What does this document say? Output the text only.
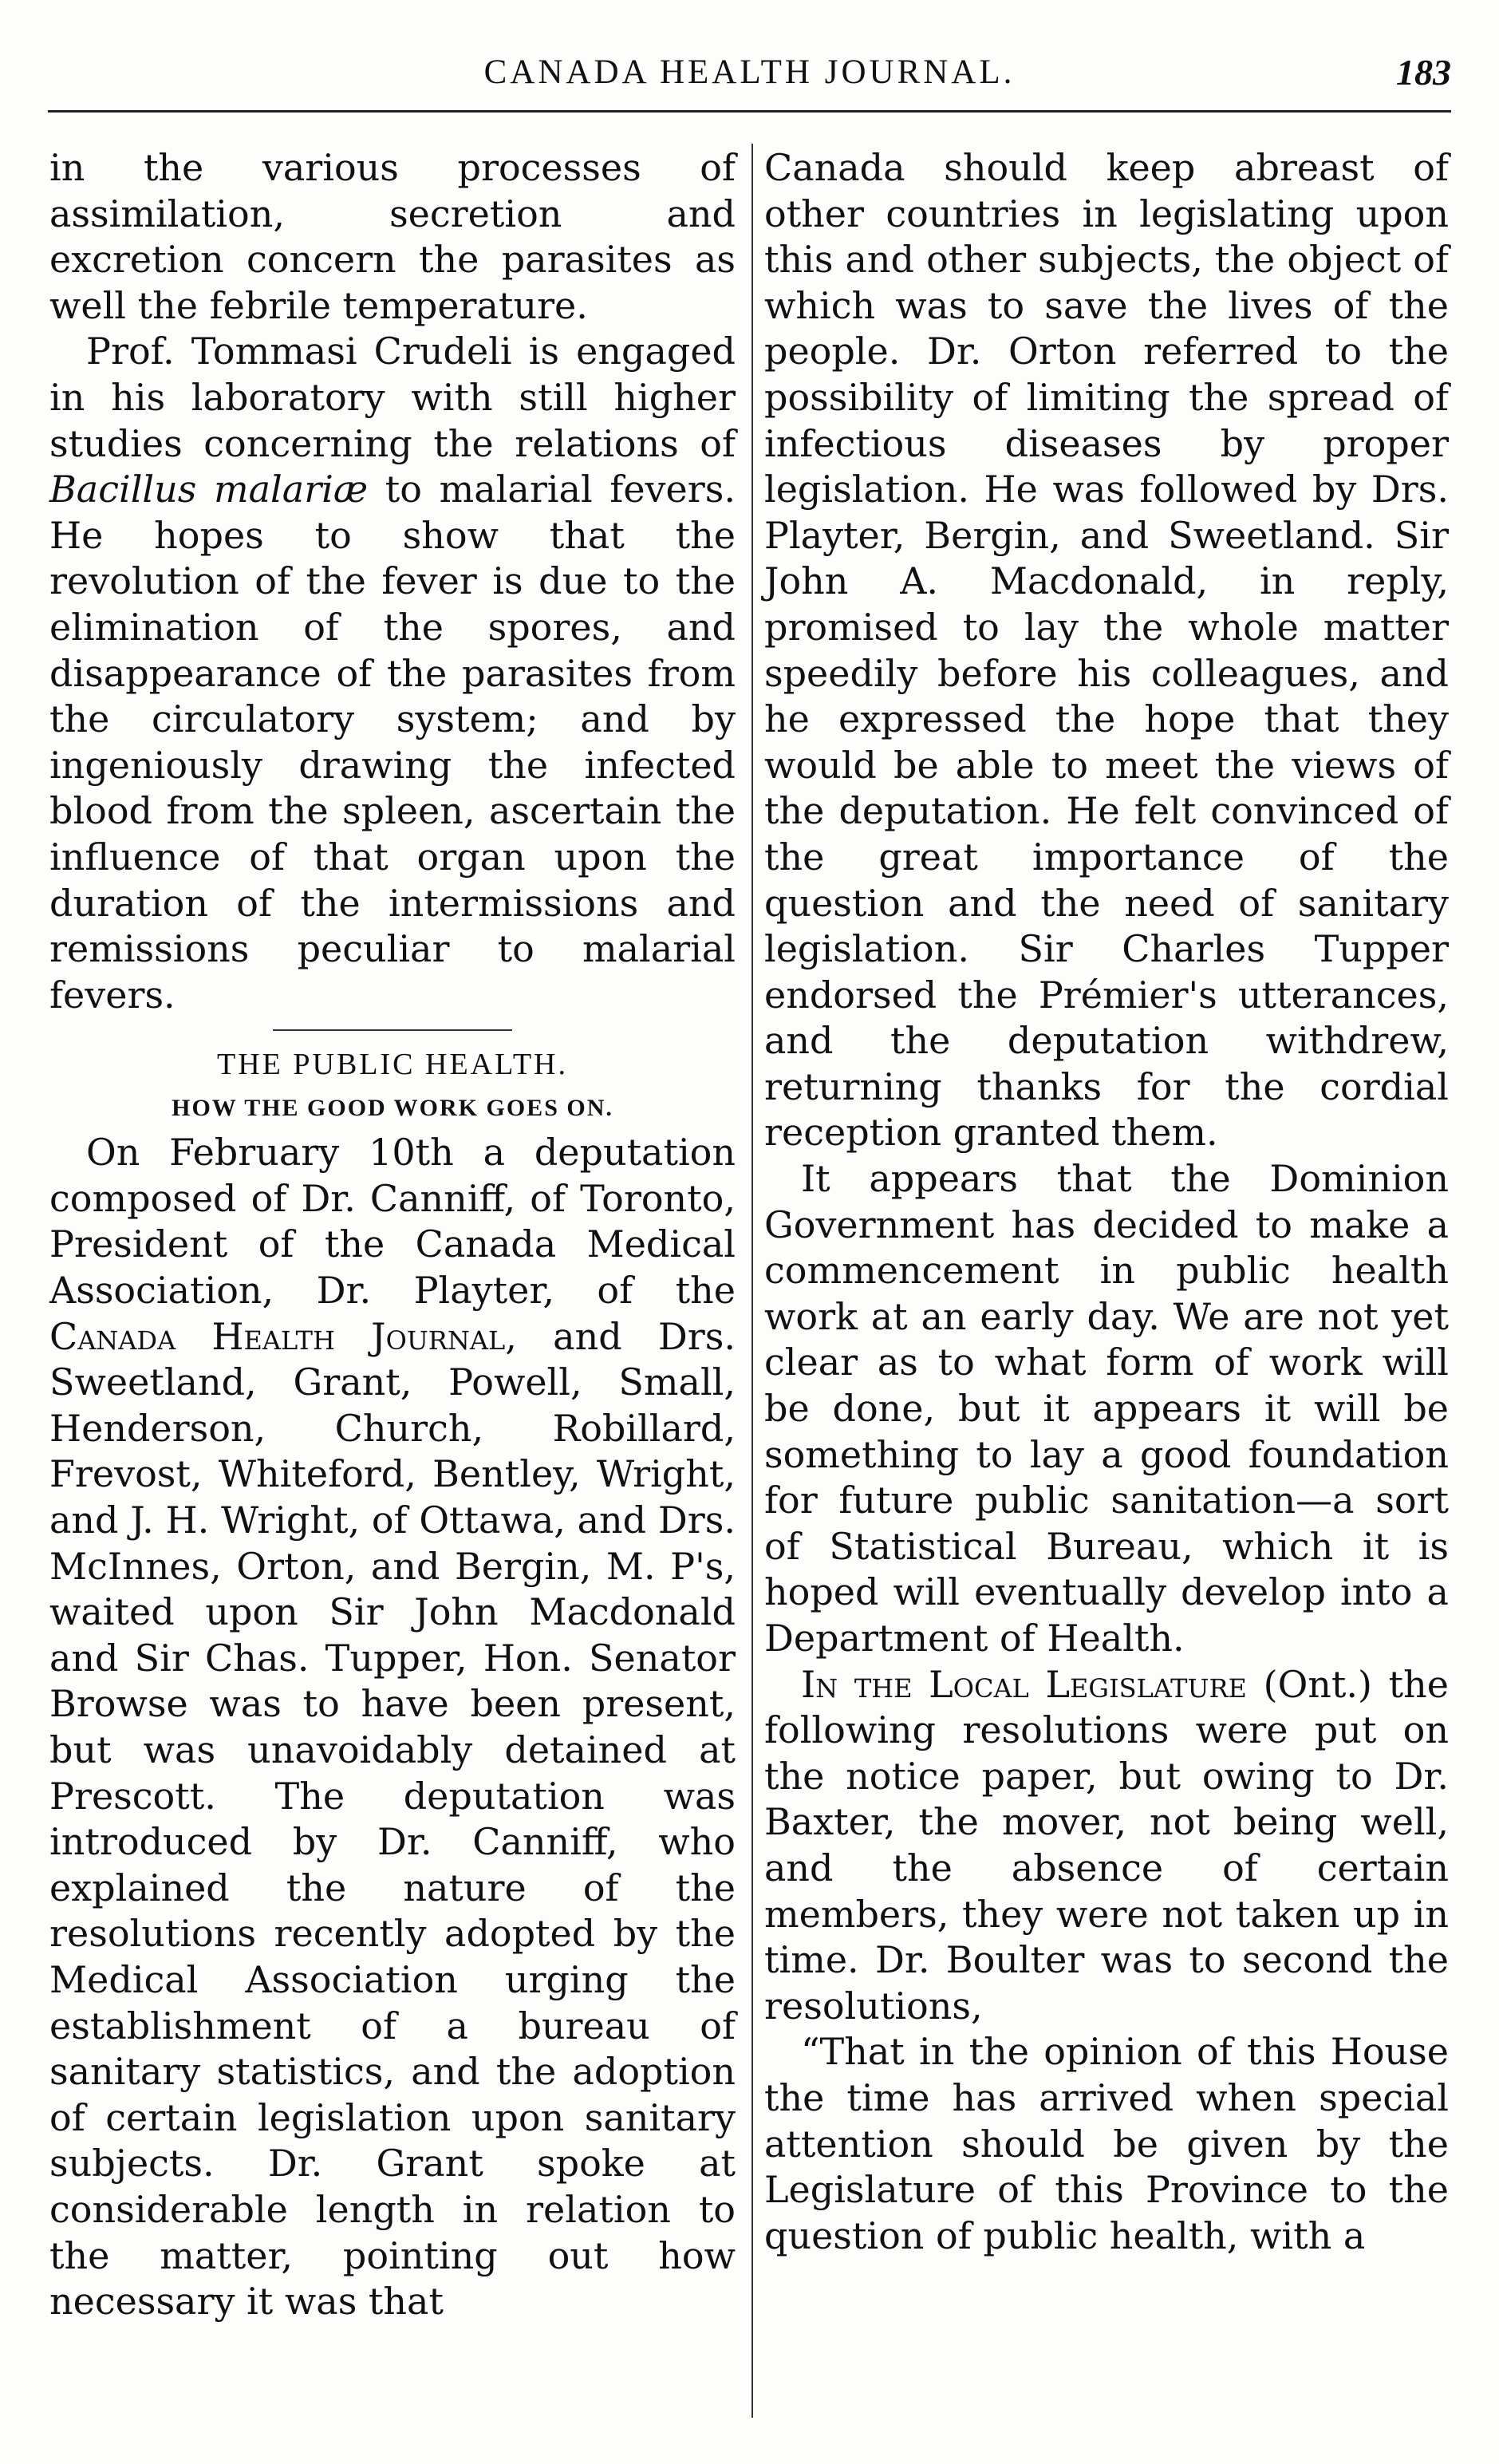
CANADA HEALTH JOURNAL.	183

in the various processes of assimilation, secretion and excretion concern the parasites as well the febrile temperature.

Prof. Tommasi Crudeli is engaged in his laboratory with still higher studies concerning the relations of Bacillus malariæ to malarial fevers. He hopes to show that the revolution of the fever is due to the elimination of the spores, and disappearance of the parasites from the circulatory system; and by ingeniously drawing the infected blood from the spleen, ascertain the influence of that organ upon the duration of the intermissions and remissions peculiar to malarial fevers.

THE PUBLIC HEALTH.
HOW THE GOOD WORK GOES ON.

On February 10th a deputation composed of Dr. Canniff, of Toronto, President of the Canada Medical Association, Dr. Playter, of the Canada Health Journal, and Drs. Sweetland, Grant, Powell, Small, Henderson, Church, Robillard, Frevost, Whiteford, Bentley, Wright, and J. H. Wright, of Ottawa, and Drs. McInnes, Orton, and Bergin, M. P's, waited upon Sir John Macdonald and Sir Chas. Tupper, Hon. Senator Browse was to have been present, but was unavoidably detained at Prescott. The deputation was introduced by Dr. Canniff, who explained the nature of the resolutions recently adopted by the Medical Association urging the establishment of a bureau of sanitary statistics, and the adoption of certain legislation upon sanitary subjects. Dr. Grant spoke at considerable length in relation to the matter, pointing out how necessary it was that

Canada should keep abreast of other countries in legislating upon this and other subjects, the object of which was to save the lives of the people. Dr. Orton referred to the possibility of limiting the spread of infectious diseases by proper legislation. He was followed by Drs. Playter, Bergin, and Sweetland. Sir John A. Macdonald, in reply, promised to lay the whole matter speedily before his colleagues, and he expressed the hope that they would be able to meet the views of the deputation. He felt convinced of the great importance of the question and the need of sanitary legislation. Sir Charles Tupper endorsed the Prémier's utterances, and the deputation withdrew, returning thanks for the cordial reception granted them.

It appears that the Dominion Government has decided to make a commencement in public health work at an early day. We are not yet clear as to what form of work will be done, but it appears it will be something to lay a good foundation for future public sanitation—a sort of Statistical Bureau, which it is hoped will eventually develop into a Department of Health.

In the Local Legislature (Ont.) the following resolutions were put on the notice paper, but owing to Dr. Baxter, the mover, not being well, and the absence of certain members, they were not taken up in time. Dr. Boulter was to second the resolutions,

“That in the opinion of this House the time has arrived when special attention should be given by the Legislature of this Province to the question of public health, with a
